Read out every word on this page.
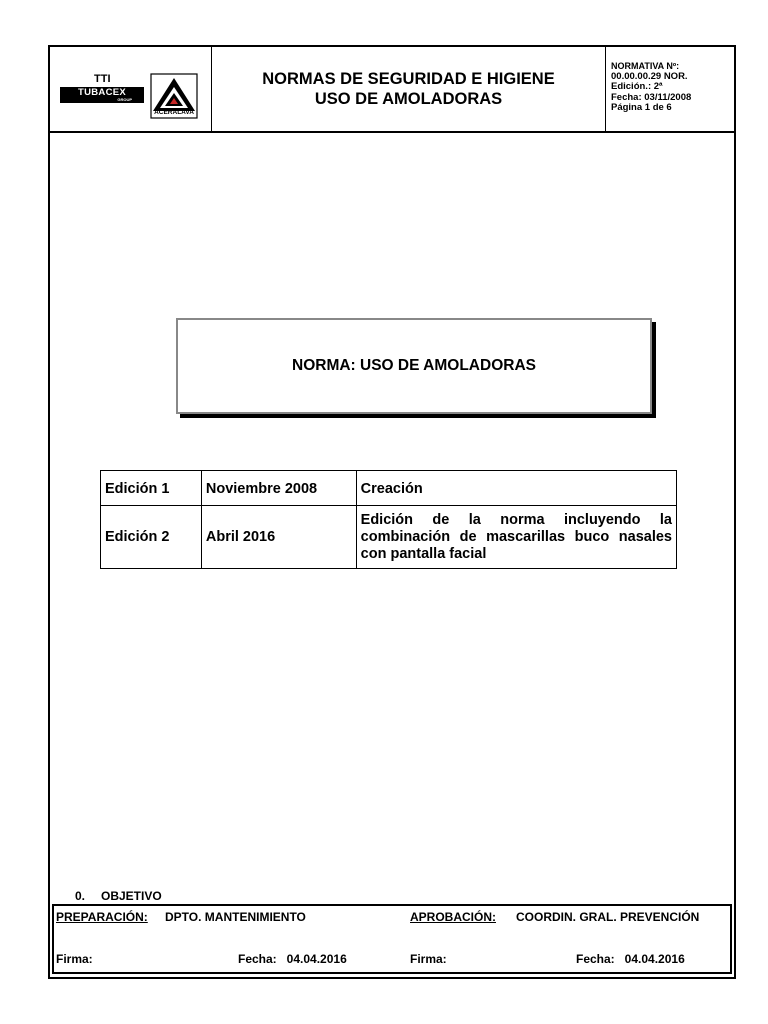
TTI
TUBACEX
GROUP
ACERALAVA
NORMAS DE SEGURIDAD E HIGIENE
USO DE AMOLADORAS
NORMATIVA Nº:
00.00.00.29 NOR.
Edición.: 2ª
Fecha: 03/11/2008
Página 1 de 6
NORMA: USO DE AMOLADORAS
Edición 1	Noviembre 2008	Creación
Edición 2	Abril 2016	Edición de la norma incluyendo la combinación de mascarillas buco nasales con pantalla facial
0. OBJETIVO
PREPARACIÓN: DPTO. MANTENIMIENTO	APROBACIÓN: COORDIN. GRAL. PREVENCIÓN
Firma:	Fecha:   04.04.2016	Firma:	Fecha:   04.04.2016
